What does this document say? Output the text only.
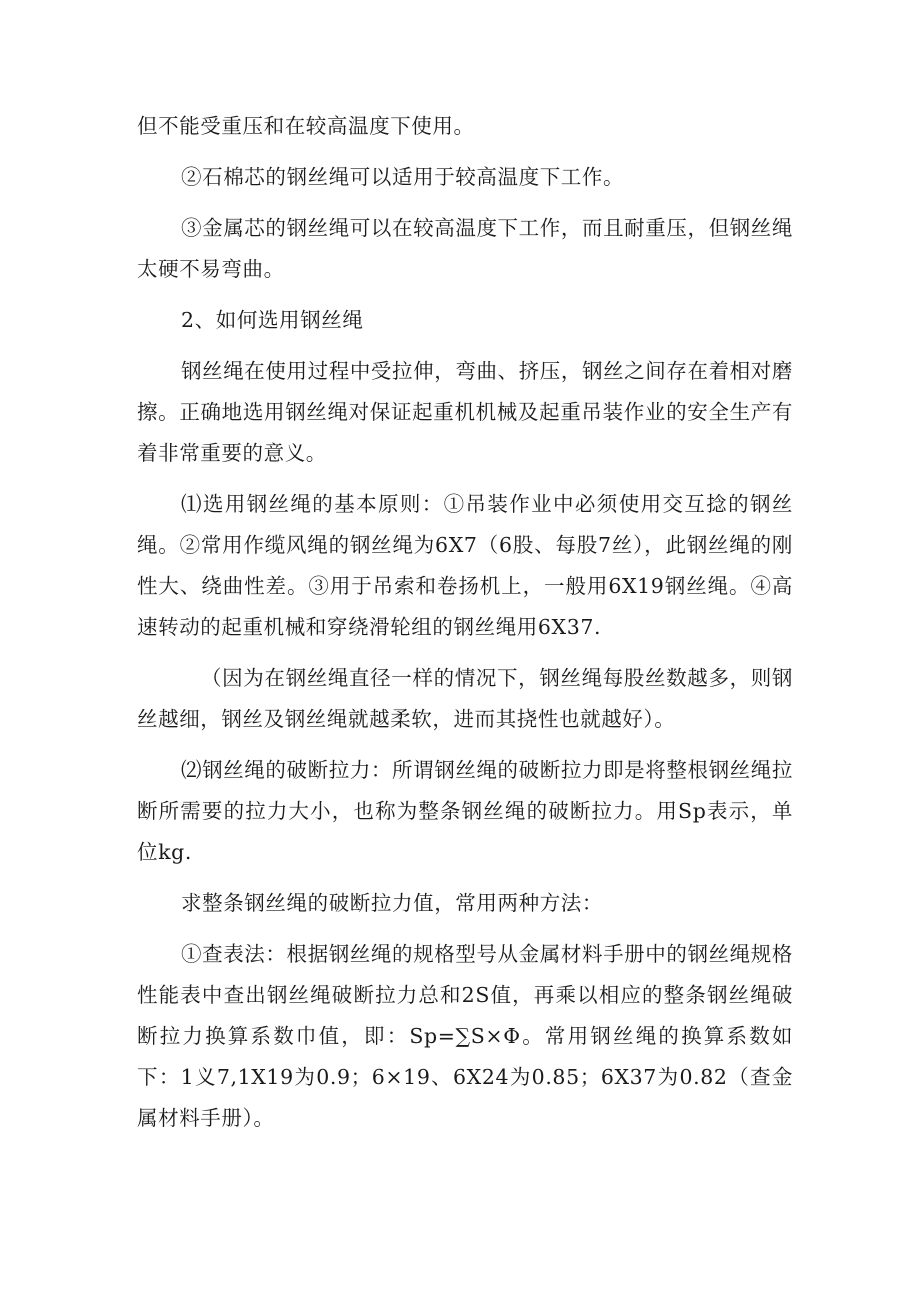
但不能受重压和在较高温度下使用。

②石棉芯的钢丝绳可以适用于较高温度下工作。

③金属芯的钢丝绳可以在较高温度下工作，而且耐重压，但钢丝绳太硬不易弯曲。

2、如何选用钢丝绳

钢丝绳在使用过程中受拉伸，弯曲、挤压，钢丝之间存在着相对磨擦。正确地选用钢丝绳对保证起重机机械及起重吊装作业的安全生产有着非常重要的意义。

⑴选用钢丝绳的基本原则：①吊装作业中必须使用交互捻的钢丝绳。②常用作缆风绳的钢丝绳为6X7（6股、每股7丝），此钢丝绳的刚性大、绕曲性差。③用于吊索和卷扬机上，一般用6X19钢丝绳。④高速转动的起重机械和穿绕滑轮组的钢丝绳用6X37.

（因为在钢丝绳直径一样的情况下，钢丝绳每股丝数越多，则钢丝越细，钢丝及钢丝绳就越柔软，进而其挠性也就越好）。

⑵钢丝绳的破断拉力：所谓钢丝绳的破断拉力即是将整根钢丝绳拉断所需要的拉力大小，也称为整条钢丝绳的破断拉力。用Sp表示，单位kg.

求整条钢丝绳的破断拉力值，常用两种方法：

①查表法：根据钢丝绳的规格型号从金属材料手册中的钢丝绳规格性能表中查出钢丝绳破断拉力总和2S值，再乘以相应的整条钢丝绳破断拉力换算系数巾值，即：Sp=∑S×Φ。常用钢丝绳的换算系数如下：1义7,1X19为0.9；6×19、6X24为0.85；6X37为0.82（查金属材料手册）。
